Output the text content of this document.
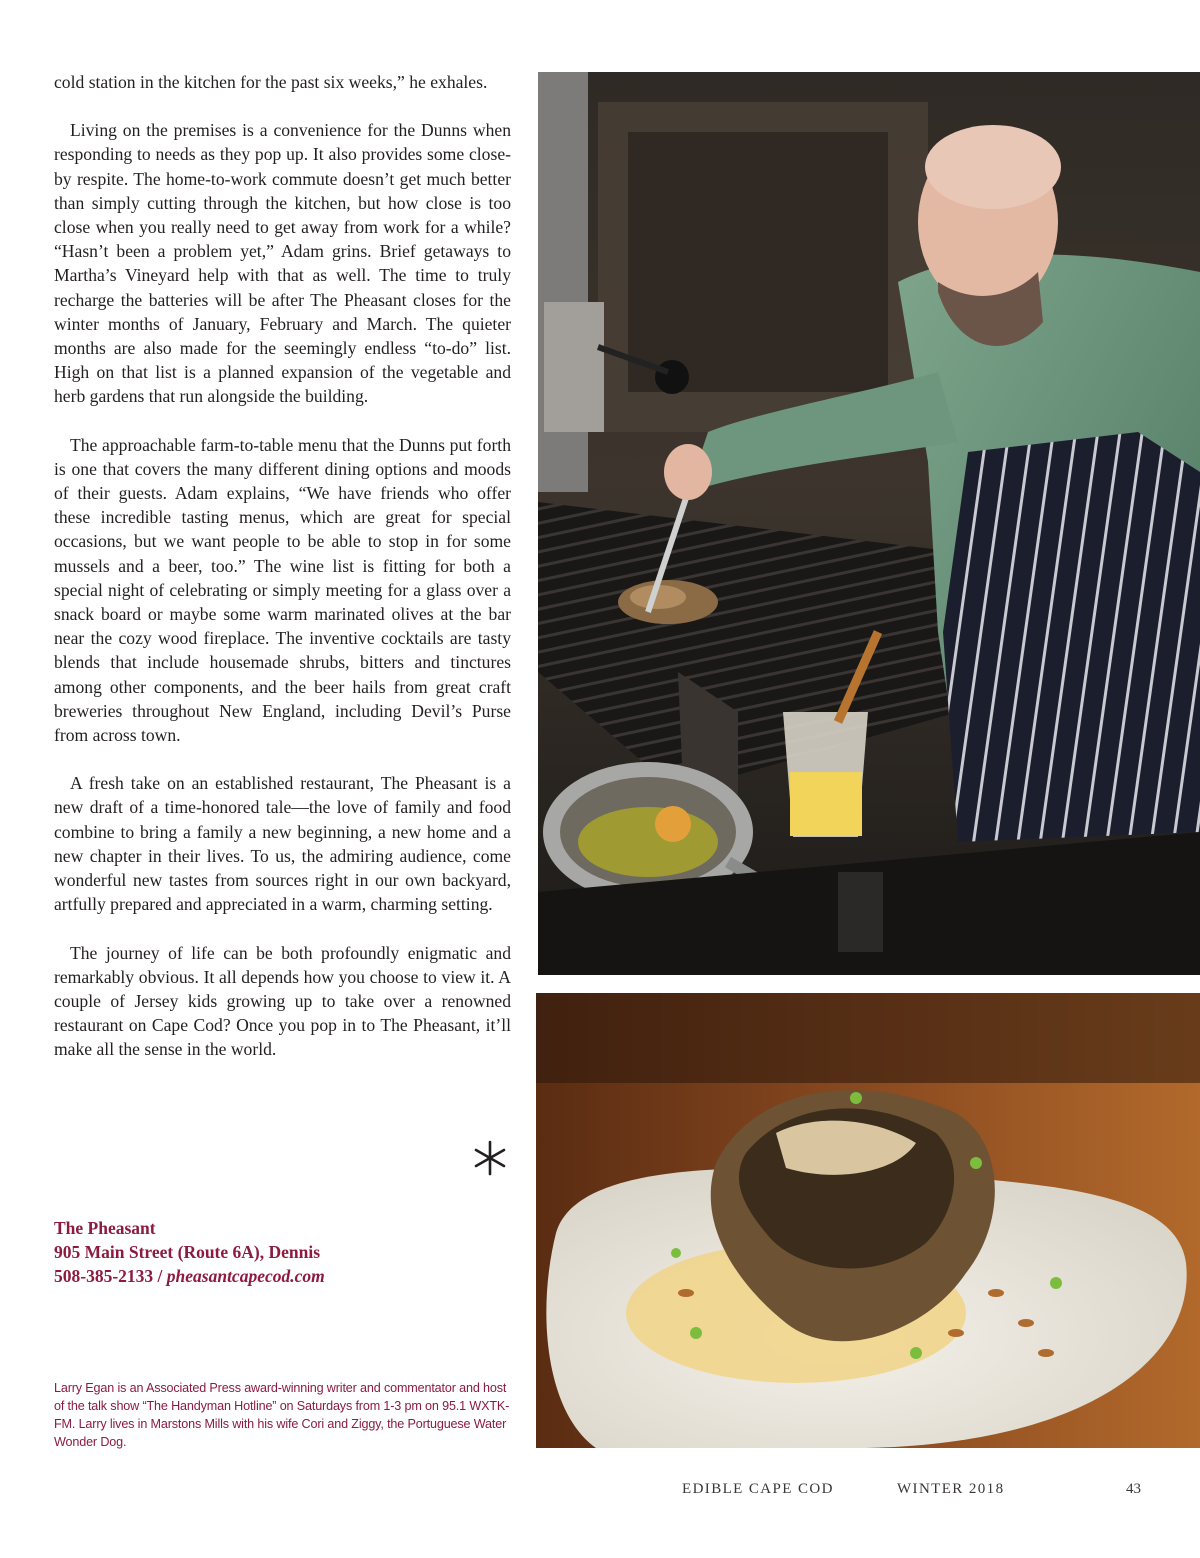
cold station in the kitchen for the past six weeks,” he exhales.

Living on the premises is a convenience for the Dunns when responding to needs as they pop up. It also provides some close-by respite. The home-to-work commute doesn’t get much better than simply cutting through the kitchen, but how close is too close when you really need to get away from work for a while? “Hasn’t been a problem yet,” Adam grins. Brief getaways to Martha’s Vineyard help with that as well. The time to truly recharge the batteries will be after The Pheasant closes for the winter months of January, February and March. The quieter months are also made for the seemingly endless “to-do” list. High on that list is a planned expansion of the vegetable and herb gardens that run alongside the building.

The approachable farm-to-table menu that the Dunns put forth is one that covers the many different dining options and moods of their guests. Adam explains, “We have friends who offer these incredible tasting menus, which are great for special occasions, but we want people to be able to stop in for some mussels and a beer, too.” The wine list is fitting for both a special night of celebrating or simply meeting for a glass over a snack board or maybe some warm marinated olives at the bar near the cozy wood fireplace. The inventive cocktails are tasty blends that include housemade shrubs, bitters and tinctures among other components, and the beer hails from great craft breweries throughout New England, including Devil’s Purse from across town.

A fresh take on an established restaurant, The Pheasant is a new draft of a time-honored tale—the love of family and food combine to bring a family a new beginning, a new home and a new chapter in their lives. To us, the admiring audience, come wonderful new tastes from sources right in our own backyard, artfully prepared and appreciated in a warm, charming setting.

The journey of life can be both profoundly enigmatic and remarkably obvious. It all depends how you choose to view it. A couple of Jersey kids growing up to take over a renowned restaurant on Cape Cod? Once you pop in to The Pheasant, it’ll make all the sense in the world.

The Pheasant
905 Main Street (Route 6A), Dennis
508-385-2133 / pheasantcapecod.com
Larry Egan is an Associated Press award-winning writer and commentator and host of the talk show “The Handyman Hotline” on Saturdays from 1-3 pm on 95.1 WXTK-FM. Larry lives in Marstons Mills with his wife Cori and Ziggy, the Portuguese Water Wonder Dog.
EDIBLE CAPE COD	WINTER 2018	43
